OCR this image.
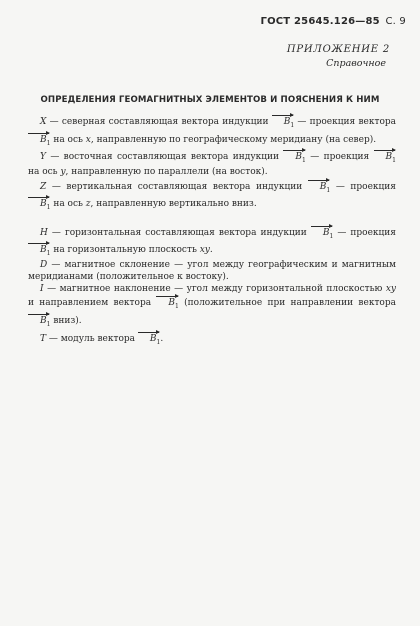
ГОСТ 25645.126—85 С. 9
ПРИЛОЖЕНИЕ 2
Справочное
ОПРЕДЕЛЕНИЯ ГЕОМАГНИТНЫХ ЭЛЕМЕНТОВ И ПОЯСНЕНИЯ К НИМ

X — северная составляющая вектора индукции $B_1$ — проекция вектора $B_1$ на ось x, направленную по географическому меридиану (на север).

Y — восточная составляющая вектора индукции $B_1$ — проекция $B_1$ на ось y, направленную по параллели (на восток).

Z — вертикальная составляющая вектора индукции $B_1$ — проекция $B_1$ на ось z, направленную вертикально вниз.

H — горизонтальная составляющая вектора индукции $B_1$ — проекция $B_1$ на горизонтальную плоскость xy.

D — магнитное склонение — угол между географическим и магнитным меридианами (положительное к востоку).

I — магнитное наклонение — угол между горизонтальной плоскостью xy и направлением вектора $B_1$ (положительное при направлении вектора $B_1$ вниз).

T — модуль вектора $B_1$.
